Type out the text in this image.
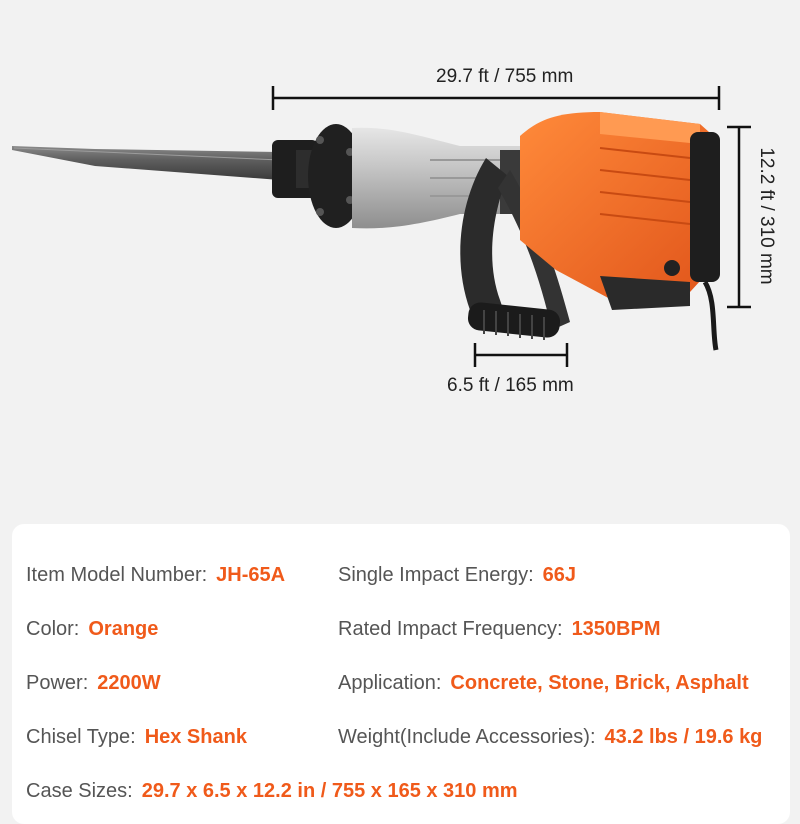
29.7 ft / 755 mm
12.2 ft / 310 mm
6.5 ft / 165 mm
Item Model Number: JH-65A	Single Impact Energy: 66J
Color: Orange	Rated Impact Frequency: 1350BPM
Power: 2200W	Application: Concrete, Stone, Brick, Asphalt
Chisel Type: Hex Shank	Weight(Include Accessories): 43.2 lbs / 19.6 kg
Case Sizes: 29.7 x 6.5 x 12.2 in / 755 x 165 x 310 mm
